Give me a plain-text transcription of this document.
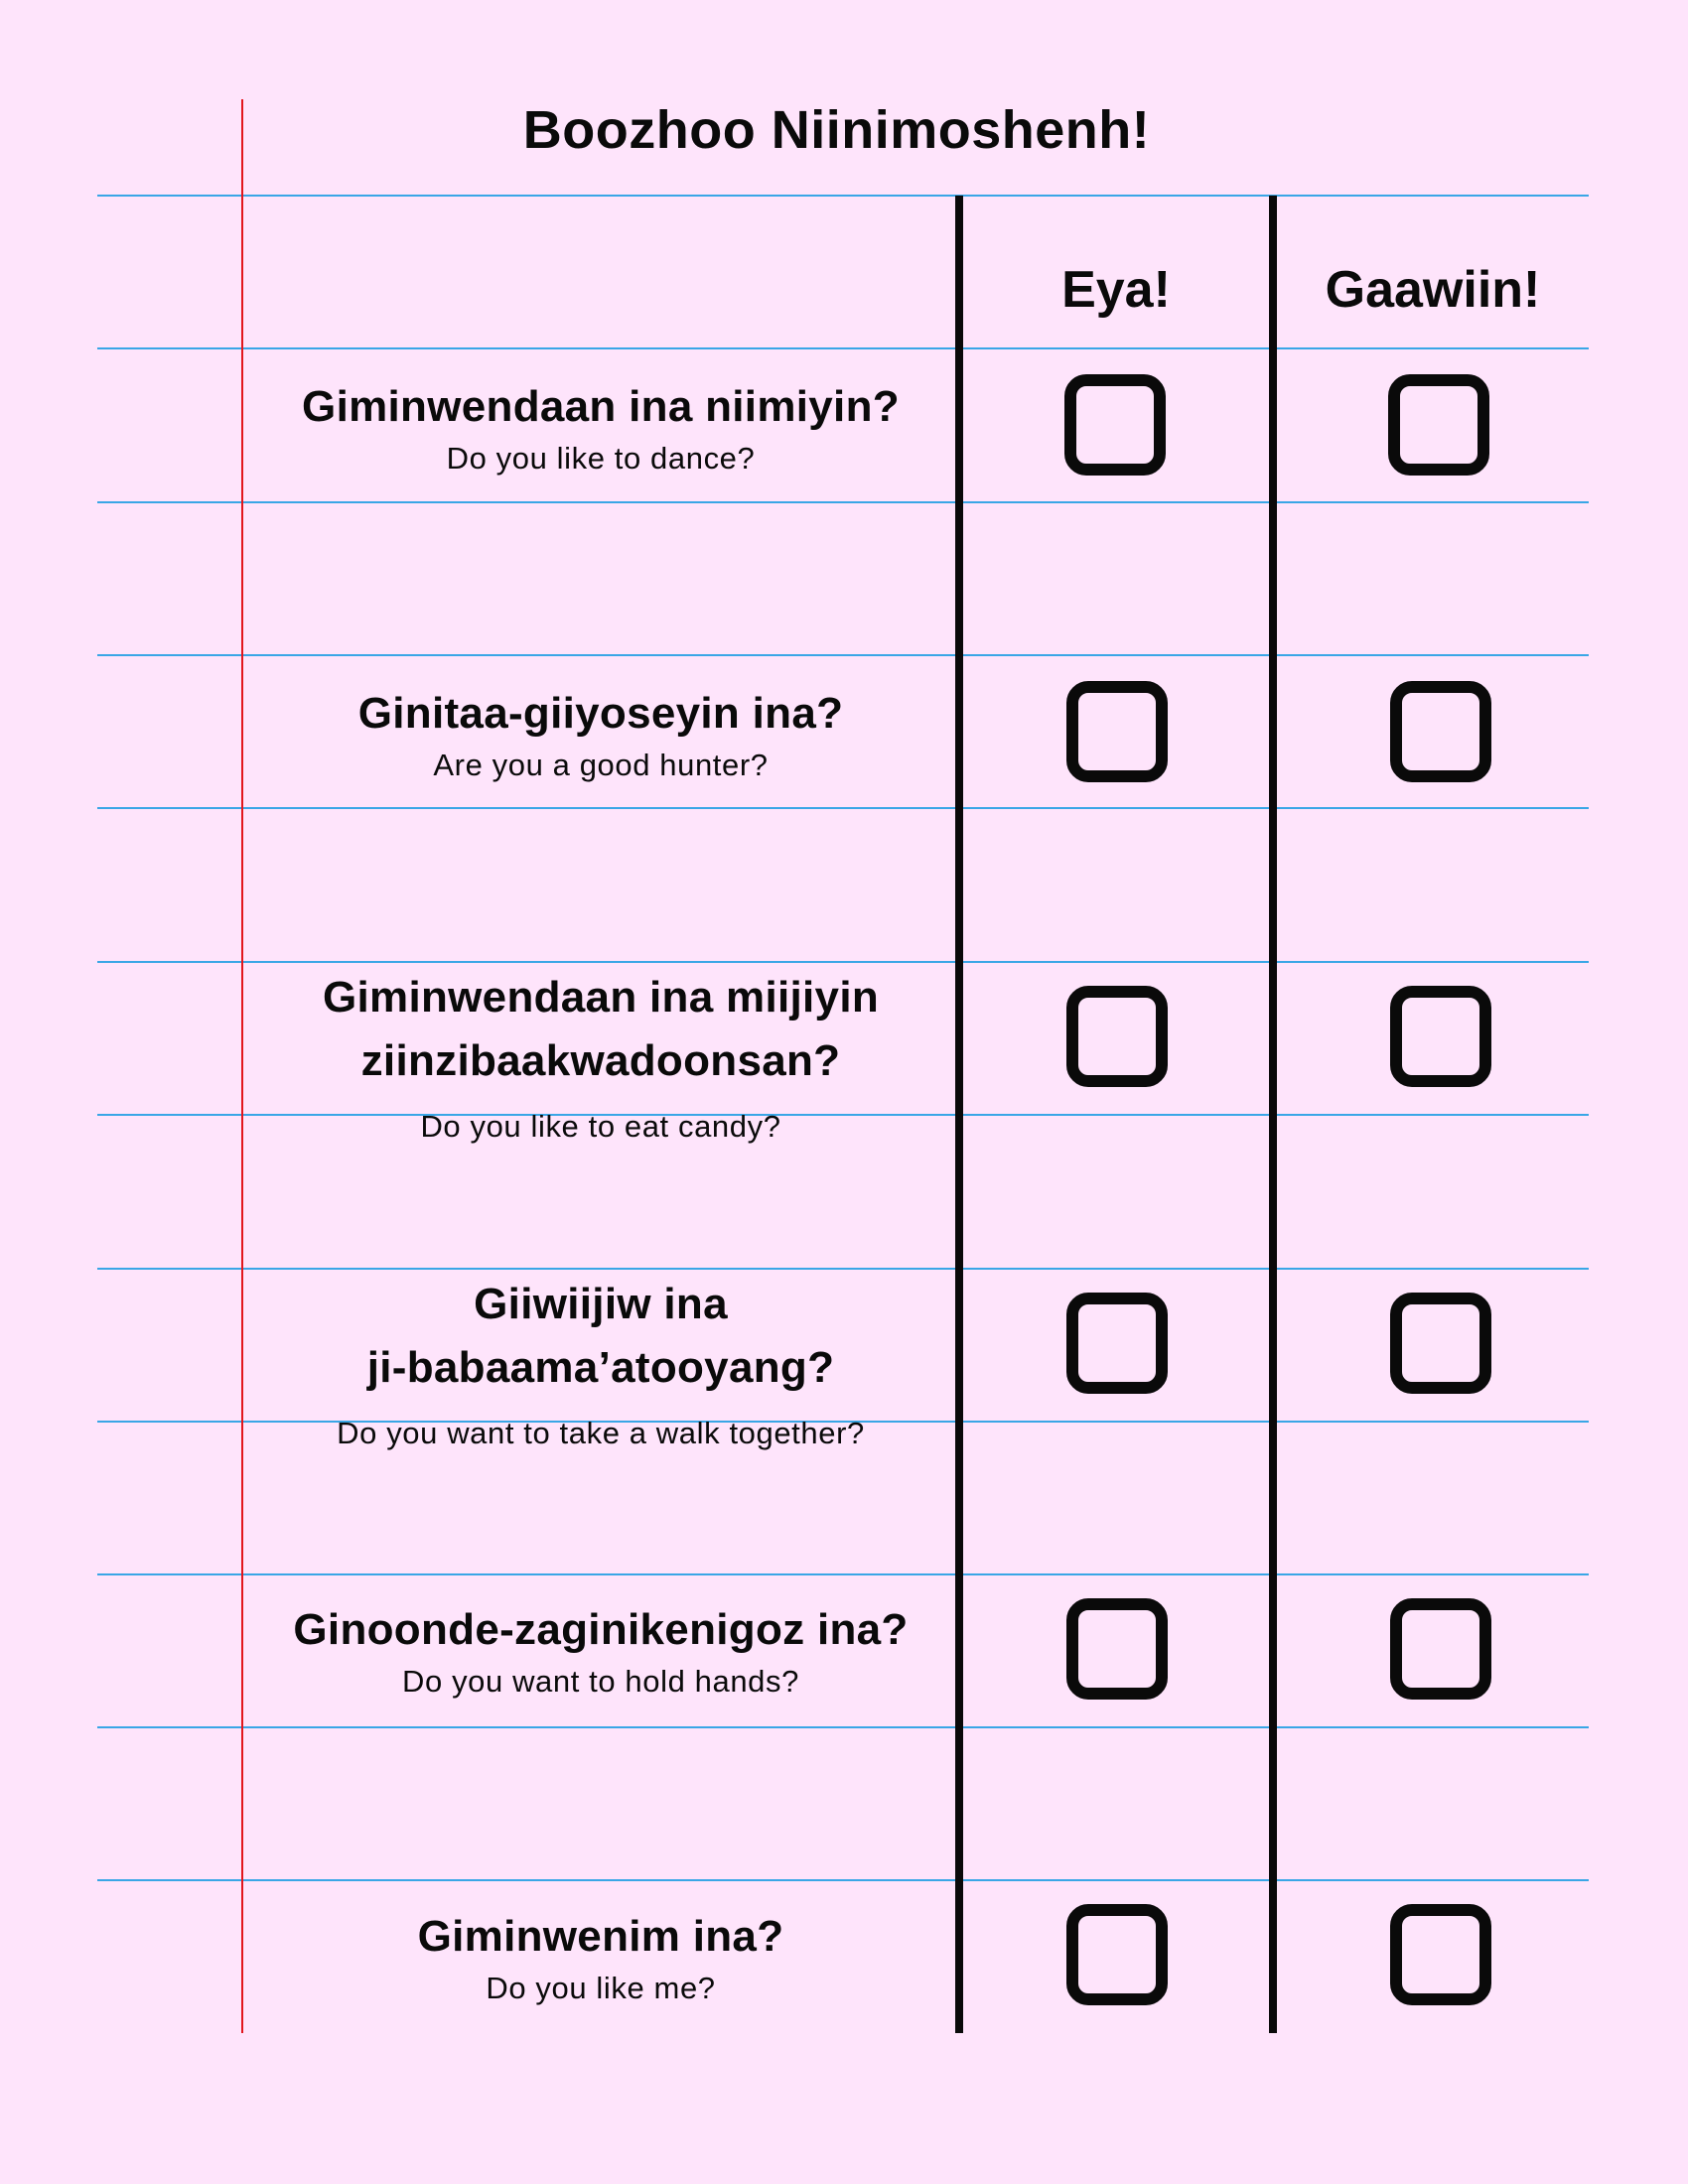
Boozhoo Niinimoshenh!
Eya!	Gaawiin!
Giminwendaan ina niimiyin?
Do you like to dance?
Ginitaa-giiyoseyin ina?
Are you a good hunter?
Giminwendaan ina miijiyin
ziinzibaakwadoonsan?
Do you like to eat candy?
Giiwiijiw ina
ji-babaama’atooyang?
Do you want to take a walk together?
Ginoonde-zaginikenigoz ina?
Do you want to hold hands?
Giminwenim ina?
Do you like me?
